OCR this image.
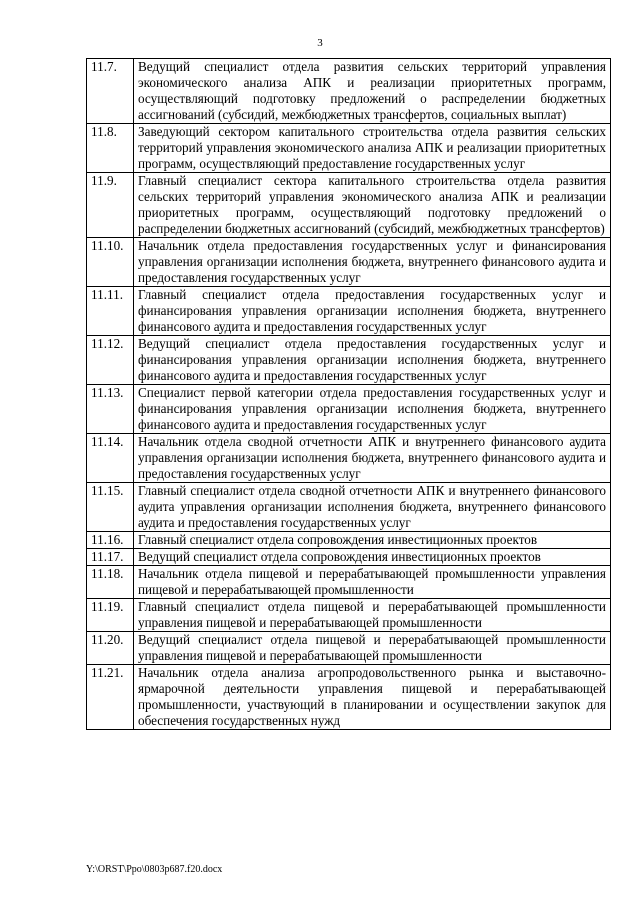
3
11.7.	Ведущий специалист отдела развития сельских территорий управления экономического анализа АПК и реализации приоритетных программ, осуществляющий подготовку предложений о распределении бюджетных ассигнований (субсидий, межбюджетных трансфертов, социальных выплат)
11.8.	Заведующий сектором капитального строительства отдела развития сельских территорий управления экономического анализа АПК и реализации приоритетных программ, осуществляющий предоставление государственных услуг
11.9.	Главный специалист сектора капитального строительства отдела развития сельских территорий управления экономического анализа АПК и реализации приоритетных программ, осуществляющий подготовку предложений о распределении бюджетных ассигнований (субсидий, межбюджетных трансфертов)
11.10.	Начальник отдела предоставления государственных услуг и финансирования управления организации исполнения бюджета, внутреннего финансового аудита и предоставления государственных услуг
11.11.	Главный специалист отдела предоставления государственных услуг и финансирования управления организации исполнения бюджета, внутреннего финансового аудита и предоставления государственных услуг
11.12.	Ведущий специалист отдела предоставления государственных услуг и финансирования управления организации исполнения бюджета, внутреннего финансового аудита и предоставления государственных услуг
11.13.	Специалист первой категории отдела предоставления государственных услуг и финансирования управления организации исполнения бюджета, внутреннего финансового аудита и предоставления государственных услуг
11.14.	Начальник отдела сводной отчетности АПК и внутреннего финансового аудита управления организации исполнения бюджета, внутреннего финансового аудита и предоставления государственных услуг
11.15.	Главный специалист отдела сводной отчетности АПК и внутреннего финансового аудита управления организации исполнения бюджета, внутреннего финансового аудита и предоставления государственных услуг
11.16.	Главный специалист отдела сопровождения инвестиционных проектов
11.17.	Ведущий специалист отдела сопровождения инвестиционных проектов
11.18.	Начальник отдела пищевой и перерабатывающей промышленности управления пищевой и перерабатывающей промышленности
11.19.	Главный специалист отдела пищевой и перерабатывающей промышленности управления пищевой и перерабатывающей промышленности
11.20.	Ведущий специалист отдела пищевой и перерабатывающей промышленности управления пищевой и перерабатывающей промышленности
11.21.	Начальник отдела анализа агропродовольственного рынка и выставочно-ярмарочной деятельности управления пищевой и перерабатывающей промышленности, участвующий в планировании и осуществлении закупок для обеспечения государственных нужд
Y:\ORST\Ppo\0803p687.f20.docx
